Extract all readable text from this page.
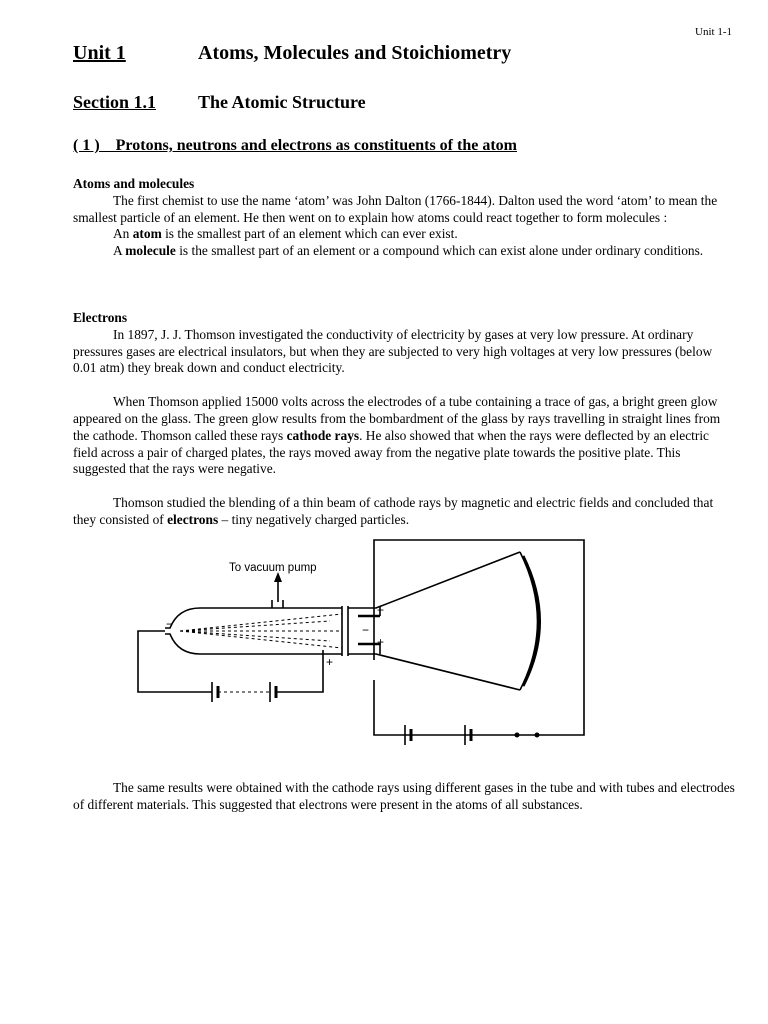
Unit 1-1
Unit 1	Atoms, Molecules and Stoichiometry
Section 1.1 The Atomic Structure
( 1 )    Protons, neutrons and electrons as constituents of the atom

Atoms and molecules

The first chemist to use the name ‘atom’ was John Dalton (1766-1844). Dalton used the word ‘atom’ to mean the smallest particle of an element. He then went on to explain how atoms could react together to form molecules :

An atom is the smallest part of an element which can ever exist.

A molecule is the smallest part of an element or a compound which can exist alone under ordinary conditions.

Electrons

In 1897, J. J. Thomson investigated the conductivity of electricity by gases at very low pressure. At ordinary pressures gases are electrical insulators, but when they are subjected to very high voltages at very low pressures (below 0.01 atm) they break down and conduct electricity.

When Thomson applied 15000 volts across the electrodes of a tube containing a trace of gas, a bright green glow appeared on the glass. The green glow results from the bombardment of the glass by rays travelling in straight lines from the cathode. Thomson called these rays cathode rays. He also showed that when the rays were deflected by an electric field across a pair of charged plates, the rays moved away from the negative plate towards the positive plate. This suggested that the rays were negative.

Thomson studied the blending of a thin beam of cathode rays by magnetic and electric fields and concluded that they consisted of electrons – tiny negatively charged particles.

To vacuum pump
−
+
−
−
+

The same results were obtained with the cathode rays using different gases in the tube and with tubes and electrodes of different materials. This suggested that electrons were present in the atoms of all substances.
